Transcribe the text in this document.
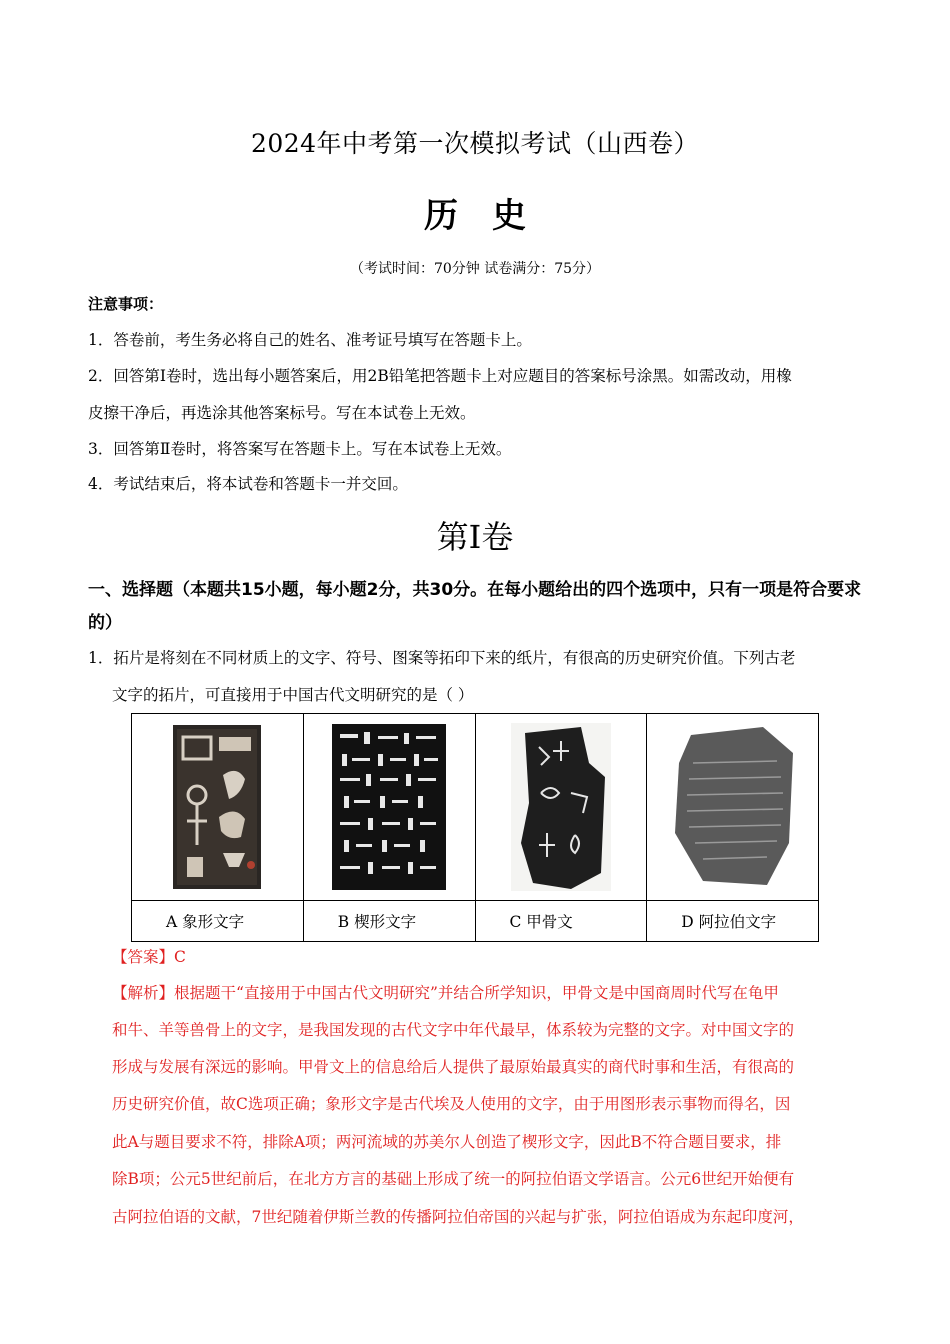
2024年中考第一次模拟考试（山西卷）
历史
（考试时间：70分钟 试卷满分：75分）
注意事项：
1．答卷前，考生务必将自己的姓名、准考证号填写在答题卡上。
2．回答第Ⅰ卷时，选出每小题答案后，用2B铅笔把答题卡上对应题目的答案标号涂黑。如需改动，用橡
皮擦干净后，再选涂其他答案标号。写在本试卷上无效。
3．回答第Ⅱ卷时，将答案写在答题卡上。写在本试卷上无效。
4．考试结束后，将本试卷和答题卡一并交回。
第Ⅰ卷
一、选择题（本题共15小题，每小题2分，共30分。在每小题给出的四个选项中，只有一项是符合要求的）
1．拓片是将刻在不同材质上的文字、符号、图案等拓印下来的纸片，有很高的历史研究价值。下列古老
文字的拓片，可直接用于中国古代文明研究的是（ ）

A 象形文字	B 楔形文字	C 甲骨文	D 阿拉伯文字
【答案】C
【解析】根据题干“直接用于中国古代文明研究”并结合所学知识，甲骨文是中国商周时代写在龟甲
和牛、羊等兽骨上的文字，是我国发现的古代文字中年代最早，体系较为完整的文字。对中国文字的
形成与发展有深远的影响。甲骨文上的信息给后人提供了最原始最真实的商代时事和生活，有很高的
历史研究价值，故C选项正确；象形文字是古代埃及人使用的文字，由于用图形表示事物而得名，因
此A与题目要求不符，排除A项；两河流域的苏美尔人创造了楔形文字，因此B不符合题目要求，排
除B项；公元5世纪前后，在北方方言的基础上形成了统一的阿拉伯语文学语言。公元6世纪开始便有
古阿拉伯语的文献，7世纪随着伊斯兰教的传播阿拉伯帝国的兴起与扩张，阿拉伯语成为东起印度河，
